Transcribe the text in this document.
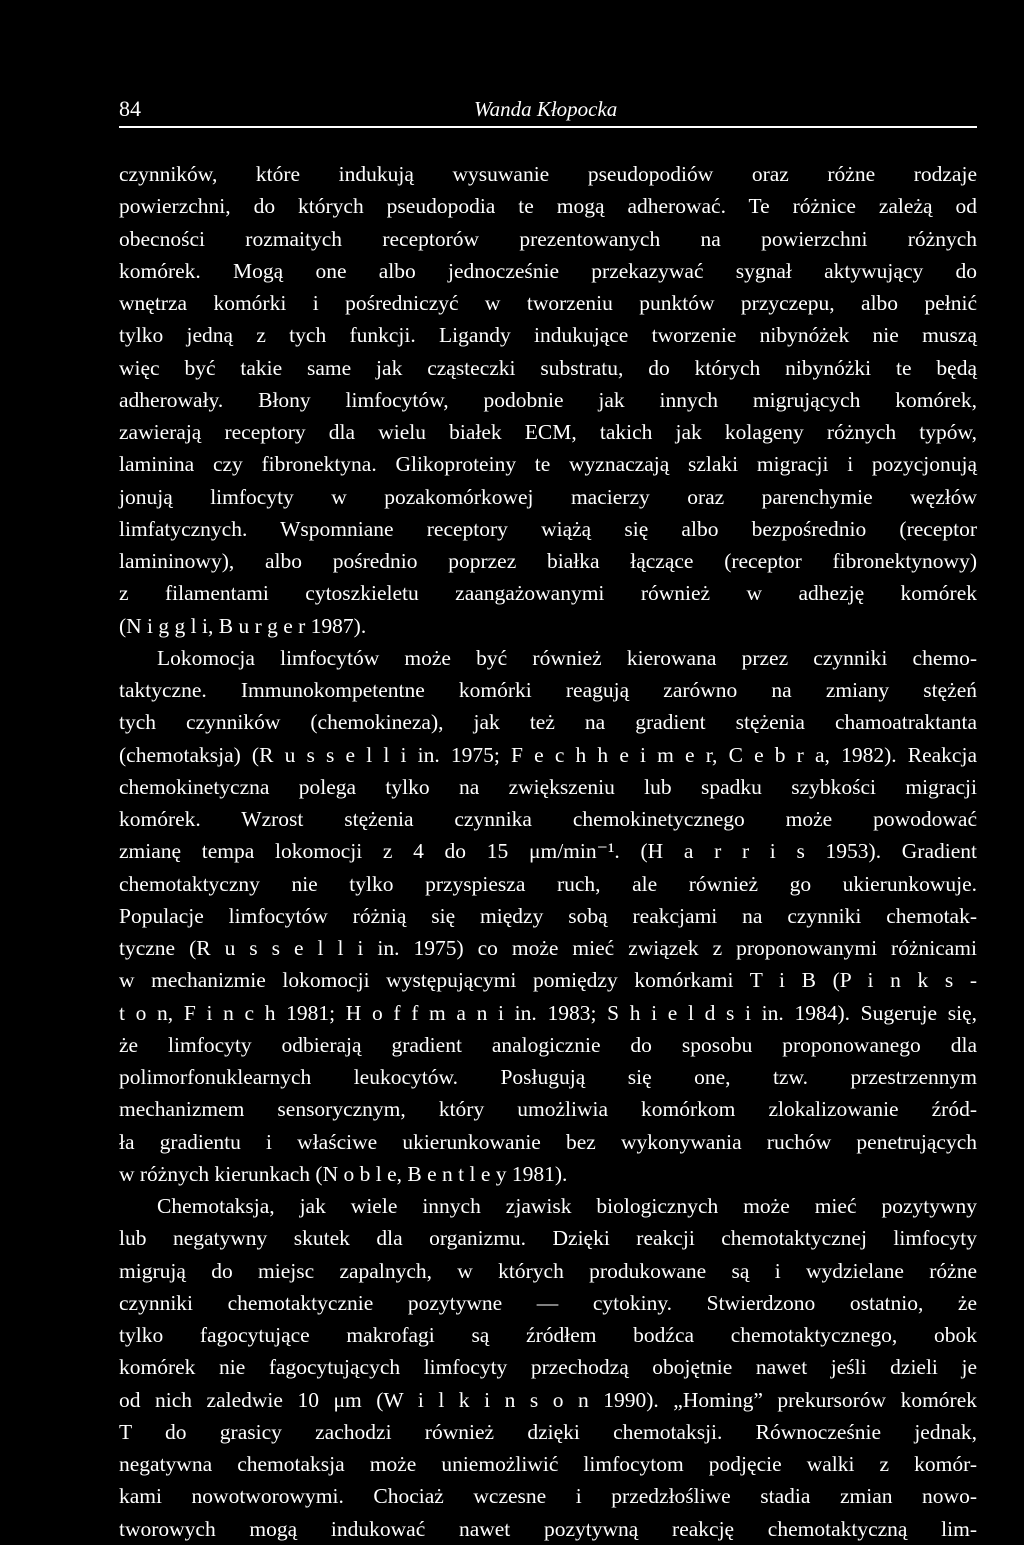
84	Wanda Kłopocka
czynników, które indukują wysuwanie pseudopodiów oraz różne rodzaje
powierzchni, do których pseudopodia te mogą adherować. Te różnice zależą od
obecności rozmaitych receptorów prezentowanych na powierzchni różnych
komórek. Mogą one albo jednocześnie przekazywać sygnał aktywujący do
wnętrza komórki i pośredniczyć w tworzeniu punktów przyczepu, albo pełnić
tylko jedną z tych funkcji. Ligandy indukujące tworzenie nibynóżek nie muszą
więc być takie same jak cząsteczki substratu, do których nibynóżki te będą
adherowały. Błony limfocytów, podobnie jak innych migrujących komórek,
zawierają receptory dla wielu białek ECM, takich jak kolageny różnych typów,
laminina czy fibronektyna. Glikoproteiny te wyznaczają szlaki migracji i pozycjonują
jonują limfocyty w pozakomórkowej macierzy oraz parenchymie węzłów
limfatycznych. Wspomniane receptory wiążą się albo bezpośrednio (receptor
lamininowy), albo pośrednio poprzez białka łączące (receptor fibronektynowy)
z filamentami cytoszkieletu zaangażowanymi również w adhezję komórek
(N i g g l i, B u r g e r 1987).
Lokomocja limfocytów może być również kierowana przez czynniki chemo-
taktyczne. Immunokompetentne komórki reagują zarówno na zmiany stężeń
tych czynników (chemokineza), jak też na gradient stężenia chamoatraktanta
(chemotaksja) (R u s s e l l i in. 1975; F e c h h e i m e r, C e b r a, 1982). Reakcja
chemokinetyczna polega tylko na zwiększeniu lub spadku szybkości migracji
komórek. Wzrost stężenia czynnika chemokinetycznego może powodować
zmianę tempa lokomocji z 4 do 15 μm/min⁻¹. (H a r r i s 1953). Gradient
chemotaktyczny nie tylko przyspiesza ruch, ale również go ukierunkowuje.
Populacje limfocytów różnią się między sobą reakcjami na czynniki chemotak-
tyczne (R u s s e l l i in. 1975) co może mieć związek z proponowanymi różnicami
w mechanizmie lokomocji występującymi pomiędzy komórkami T i B (P i n k s -
t o n, F i n c h 1981; H o f f m a n i in. 1983; S h i e l d s i in. 1984). Sugeruje się,
że limfocyty odbierają gradient analogicznie do sposobu proponowanego dla
polimorfonuklearnych leukocytów. Posługują się one, tzw. przestrzennym
mechanizmem sensorycznym, który umożliwia komórkom zlokalizowanie źród-
ła gradientu i właściwe ukierunkowanie bez wykonywania ruchów penetrujących
w różnych kierunkach (N o b l e, B e n t l e y 1981).
Chemotaksja, jak wiele innych zjawisk biologicznych może mieć pozytywny
lub negatywny skutek dla organizmu. Dzięki reakcji chemotaktycznej limfocyty
migrują do miejsc zapalnych, w których produkowane są i wydzielane różne
czynniki chemotaktycznie pozytywne — cytokiny. Stwierdzono ostatnio, że
tylko fagocytujące makrofagi są źródłem bodźca chemotaktycznego, obok
komórek nie fagocytujących limfocyty przechodzą obojętnie nawet jeśli dzieli je
od nich zaledwie 10 μm (W i l k i n s o n 1990). „Homing” prekursorów komórek
T do grasicy zachodzi również dzięki chemotaksji. Równocześnie jednak,
negatywna chemotaksja może uniemożliwić limfocytom podjęcie walki z komór-
kami nowotworowymi. Chociaż wczesne i przedzłośliwe stadia zmian nowo-
tworowych mogą indukować nawet pozytywną reakcję chemotaktyczną lim-
